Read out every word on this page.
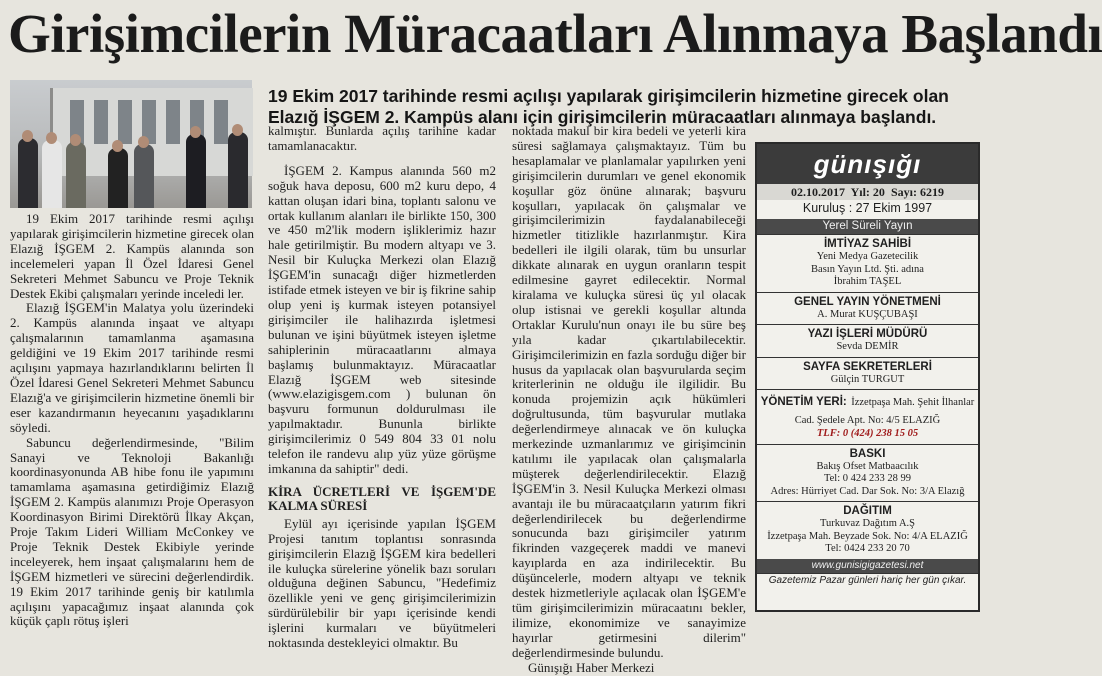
Girişimcilerin Müracaatları Alınmaya Başlandı
19 Ekim 2017 tarihinde resmi açılışı yapılarak girişimcilerin hizmetine girecek olan Elazığ İŞGEM 2. Kampüs alanı için girişimcilerin müracaatları alınmaya başlandı.

19 Ekim 2017 tarihinde resmi açılışı yapılarak girişimcilerin hizmetine girecek olan Elazığ İŞGEM 2. Kampüs alanında son incelemeleri yapan İl Özel İdaresi Genel Sekreteri Mehmet Sabuncu ve Proje Teknik Destek Ekibi çalışmaları yerinde inceledi ler.

Elazığ İŞGEM'in Malatya yolu üzerindeki 2. Kampüs alanında inşaat ve altyapı çalışmalarının tamamlanma aşamasına geldiğini ve 19 Ekim 2017 tarihinde resmi açılışını yapmaya hazırlandıklarını belirten İl Özel İdaresi Genel Sekreteri Mehmet Sabuncu Elazığ'a ve girişimcilerin hizmetine önemli bir eser kazandırmanın heyecanını yaşadıklarını söyledi.

Sabuncu değerlendirmesinde, "Bilim Sanayi ve Teknoloji Bakanlığı koordinasyonunda AB hibe fonu ile yapımını tamamlama aşamasına getirdiğimiz Elazığ İŞGEM 2. Kampüs alanımızı Proje Operasyon Koordinasyon Birimi Direktörü İlkay Akçan, Proje Takım Lideri William McConkey ve Proje Teknik Destek Ekibiyle yerinde inceleyerek, hem inşaat çalışmalarını hem de İŞGEM hizmetleri ve sürecini değerlendirdik. 19 Ekim 2017 tarihinde geniş bir katılımla açılışını yapacağımız inşaat alanında çok küçük çaplı rötuş işleri

kalmıştır. Bunlarda açılış tarihine kadar tamamlanacaktır.

İŞGEM 2. Kampus alanında 560 m2 soğuk hava deposu, 600 m2 kuru depo, 4 kattan oluşan idari bina, toplantı salonu ve ortak kullanım alanları ile birlikte 150, 300 ve 450 m2'lik modern işliklerimiz hazır hale getirilmiştir. Bu modern altyapı ve 3. Nesil bir Kuluçka Merkezi olan Elazığ İŞGEM'in sunacağı diğer hizmetlerden istifade etmek isteyen ve bir iş fikrine sahip olup yeni iş kurmak isteyen potansiyel girişimciler ile halihazırda işletmesi bulunan ve işini büyütmek isteyen işletme sahiplerinin müracaatlarını almaya başlamış bulunmaktayız. Müracaatlar Elazığ İŞGEM web sitesinde (www.elazigisgem.com ) bulunan ön başvuru formunun doldurulması ile yapılmaktadır. Bununla birlikte girişimcilerimiz 0 549 804 33 01 nolu telefon ile randevu alıp yüz yüze görüşme imkanına da sahiptir" dedi.

KİRA ÜCRETLERİ VE İŞGEM'DE KALMA SÜRESİ

Eylül ayı içerisinde yapılan İŞGEM Projesi tanıtım toplantısı sonrasında girişimcilerin Elazığ İŞGEM kira bedelleri ile kuluçka sürelerine yönelik bazı soruları olduğuna değinen Sabuncu, "Hedefimiz özellikle yeni ve genç girişimcilerimizin sürdürülebilir bir yapı içerisinde kendi işlerini kurmaları ve büyütmeleri noktasında destekleyici olmaktır. Bu

noktada makul bir kira bedeli ve yeterli kira süresi sağlamaya çalışmaktayız. Tüm bu hesaplamalar ve planlamalar yapılırken yeni girişimcilerin durumları ve genel ekonomik koşullar göz önüne alınarak; başvuru koşulları, yapılacak ön çalışmalar ve girişimcilerimizin faydalanabileceği hizmetler titizlikle hazırlanmıştır. Kira bedelleri ile ilgili olarak, tüm bu unsurlar dikkate alınarak en uygun oranların tespit edilmesine gayret edilecektir. Normal kiralama ve kuluçka süresi üç yıl olacak olup istisnai ve gerekli koşullar altında Ortaklar Kurulu'nun onayı ile bu süre beş yıla kadar çıkartılabilecektir. Girişimcilerimizin en fazla sorduğu diğer bir husus da yapılacak olan başvurularda seçim kriterlerinin ne olduğu ile ilgilidir. Bu konuda projemizin açık hükümleri doğrultusunda, tüm başvurular mutlaka değerlendirmeye alınacak ve ön kuluçka merkezinde uzmanlarımız ve girişimcinin katılımı ile yapılacak olan çalışmalarla müşterek değerlendirilecektir. Elazığ İŞGEM'in 3. Nesil Kuluçka Merkezi olması avantajı ile bu müracaatçıların yatırım fikri değerlendirilecek bu değerlendirme sonucunda bazı girişimciler yatırım fikrinden vazgeçerek maddi ve manevi kayıplarda en aza indirilecektir. Bu düşüncelerle, modern altyapı ve teknik destek hizmetleriyle açılacak olan İŞGEM'e tüm girişimcilerimizin müracaatını bekler, ilimize, ekonomimize ve sanayimize hayırlar getirmesini dilerim" değerlendirmesinde bulundu.

Günışığı Haber Merkezi

günışığı
02.10.2017 Yıl: 20 Sayı: 6219
Kuruluş : 27 Ekim 1997
Yerel Süreli Yayın
İMTİYAZ SAHİBİ
Yeni Medya Gazetecilik
Basın Yayın Ltd. Şti. adına
İbrahim TAŞEL
GENEL YAYIN YÖNETMENİ
A. Murat KUŞÇUBAŞI
YAZI İŞLERİ MÜDÜRÜ
Sevda DEMİR
SAYFA SEKRETERLERİ
Gülçin TURGUT
YÖNETİM YERİ: İzzetpaşa Mah. Şehit İlhanlar Cad. Şedele Apt. No: 4/5 ELAZIĞ
TLF: 0 (424) 238 15 05
BASKI
Bakış Ofset Matbaacılık
Tel: 0 424 233 28 99
Adres: Hürriyet Cad. Dar Sok. No: 3/A Elazığ
DAĞITIM
Turkuvaz Dağıtım A.Ş
İzzetpaşa Mah. Beyzade Sok. No: 4/A ELAZIĞ
Tel: 0424 233 20 70
www.gunisigigazetesi.net
Gazetemiz Pazar günleri hariç her gün çıkar.
